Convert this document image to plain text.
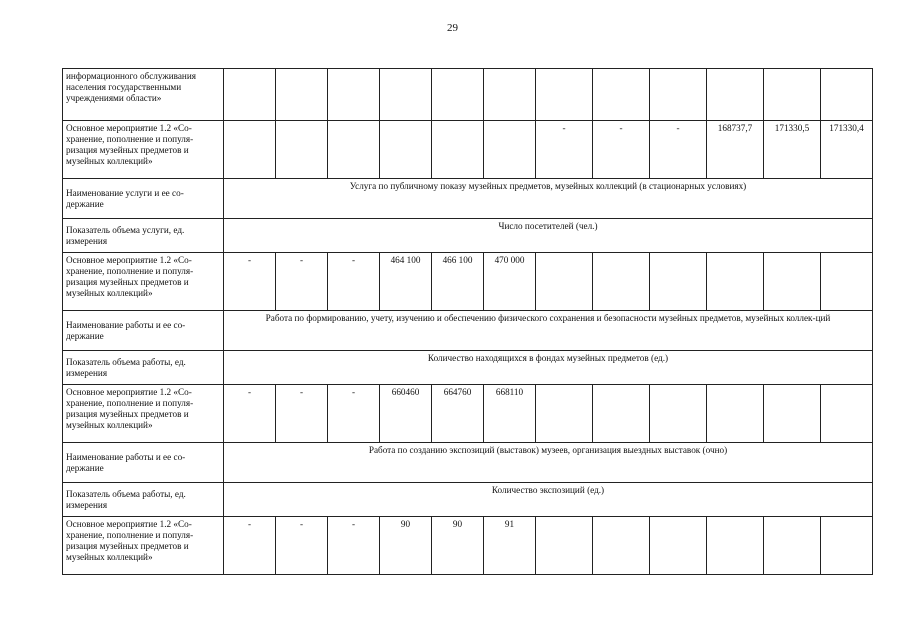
29
информационного обслуживания населения государственными учреждениями области»												
Основное мероприятие 1.2 «Со-хранение, пополнение и популя-ризация музейных предметов и музейных коллекций»							-	-	-	168737,7	171330,5	171330,4
Наименование услуги и ее со-держание	Услуга по публичному показу музейных предметов, музейных коллекций (в стационарных условиях)											
Показатель объема услуги, ед. измерения	Число посетителей (чел.)											
Основное мероприятие 1.2 «Со-хранение, пополнение и популя-ризация музейных предметов и музейных коллекций»	-	-	-	464 100	466 100	470 000						
Наименование работы и ее со-держание	Работа по формированию, учету, изучению и обеспечению физического сохранения и безопасности музейных предметов, музейных коллек-ций											
Показатель объема работы, ед. измерения	Количество находящихся в фондах музейных предметов (ед.)											
Основное мероприятие 1.2 «Со-хранение, пополнение и популя-ризация музейных предметов и музейных коллекций»	-	-	-	660460	664760	668110						
Наименование работы и ее со-держание	Работа по созданию экспозиций (выставок) музеев, организация выездных выставок (очно)											
Показатель объема работы, ед. измерения	Количество экспозиций (ед.)											
Основное мероприятие 1.2 «Со-хранение, пополнение и популя-ризация музейных предметов и музейных коллекций»	-	-	-	90	90	91						
